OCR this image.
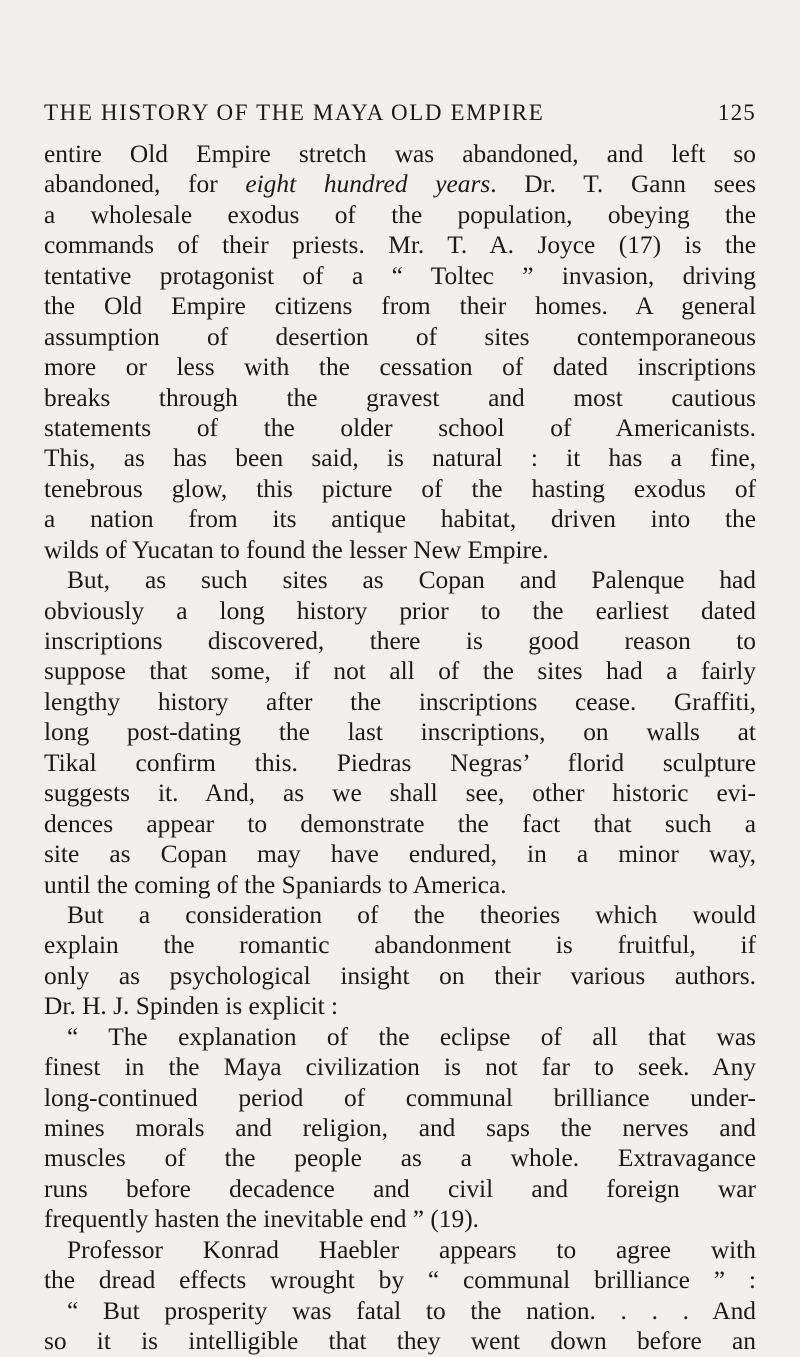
THE HISTORY OF THE MAYA OLD EMPIRE	125
entire Old Empire stretch was abandoned, and left so
abandoned, for eight hundred years. Dr. T. Gann sees
a wholesale exodus of the population, obeying the
commands of their priests. Mr. T. A. Joyce (17) is the
tentative protagonist of a “ Toltec ” invasion, driving
the Old Empire citizens from their homes. A general
assumption of desertion of sites contemporaneous
more or less with the cessation of dated inscriptions
breaks through the gravest and most cautious
statements of the older school of Americanists.
This, as has been said, is natural : it has a fine,
tenebrous glow, this picture of the hasting exodus of
a nation from its antique habitat, driven into the
wilds of Yucatan to found the lesser New Empire.
But, as such sites as Copan and Palenque had
obviously a long history prior to the earliest dated
inscriptions discovered, there is good reason to
suppose that some, if not all of the sites had a fairly
lengthy history after the inscriptions cease. Graffiti,
long post-dating the last inscriptions, on walls at
Tikal confirm this. Piedras Negras’ florid sculpture
suggests it. And, as we shall see, other historic evi-
dences appear to demonstrate the fact that such a
site as Copan may have endured, in a minor way,
until the coming of the Spaniards to America.
But a consideration of the theories which would
explain the romantic abandonment is fruitful, if
only as psychological insight on their various authors.
Dr. H. J. Spinden is explicit :
“ The explanation of the eclipse of all that was
finest in the Maya civilization is not far to seek. Any
long-continued period of communal brilliance under-
mines morals and religion, and saps the nerves and
muscles of the people as a whole. Extravagance
runs before decadence and civil and foreign war
frequently hasten the inevitable end ” (19).
Professor Konrad Haebler appears to agree with
the dread effects wrought by “ communal brilliance ” :
“ But prosperity was fatal to the nation. . . . And
so it is intelligible that they went down before an
